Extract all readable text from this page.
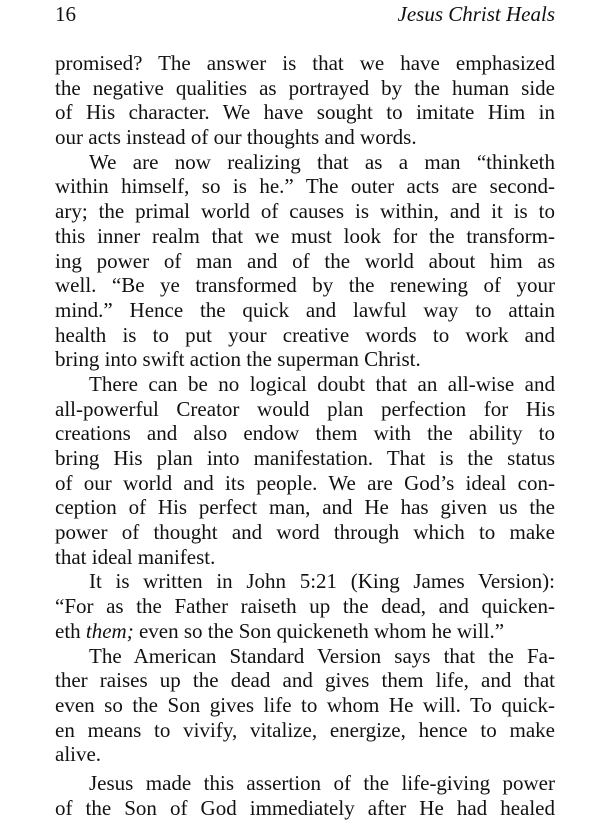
16	Jesus Christ Heals
promised? The answer is that we have emphasized
the negative qualities as portrayed by the human side
of His character. We have sought to imitate Him in
our acts instead of our thoughts and words.
We are now realizing that as a man “thinketh
within himself, so is he.” The outer acts are second-
ary; the primal world of causes is within, and it is to
this inner realm that we must look for the transform-
ing power of man and of the world about him as
well. “Be ye transformed by the renewing of your
mind.” Hence the quick and lawful way to attain
health is to put your creative words to work and
bring into swift action the superman Christ.
There can be no logical doubt that an all-wise and
all-powerful Creator would plan perfection for His
creations and also endow them with the ability to
bring His plan into manifestation. That is the status
of our world and its people. We are God’s ideal con-
ception of His perfect man, and He has given us the
power of thought and word through which to make
that ideal manifest.
It is written in John 5:21 (King James Version):
“For as the Father raiseth up the dead, and quicken-
eth them; even so the Son quickeneth whom he will.”
The American Standard Version says that the Fa-
ther raises up the dead and gives them life, and that
even so the Son gives life to whom He will. To quick-
en means to vivify, vitalize, energize, hence to make
alive.
Jesus made this assertion of the life-giving power
of the Son of God immediately after He had healed
